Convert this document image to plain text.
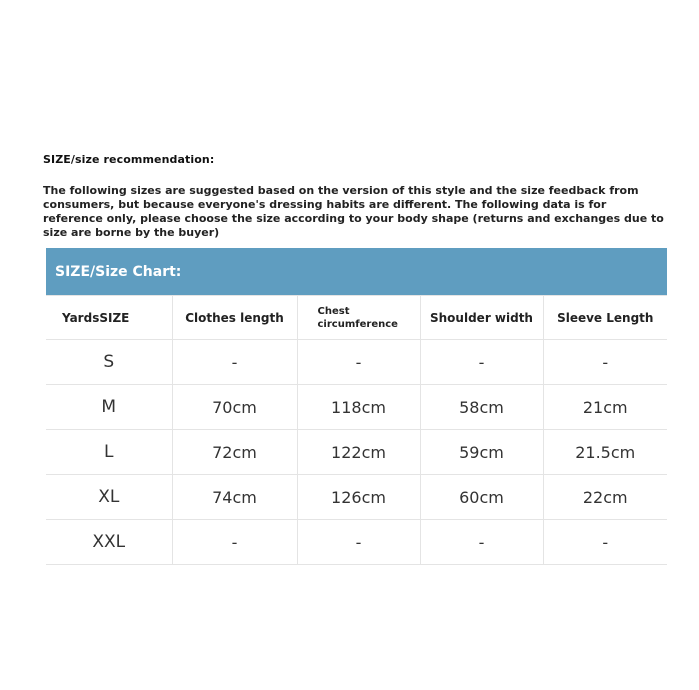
SIZE/size recommendation:
The following sizes are suggested based on the version of this style and the size feedback from consumers, but because everyone's dressing habits are different. The following data is for reference only, please choose the size according to your body shape (returns and exchanges due to size are borne by the buyer)
SIZE/Size Chart:
YardsSIZE	Clothes length	Chest circumference	Shoulder width	Sleeve Length
S	-	-	-	-
M	70cm	118cm	58cm	21cm
L	72cm	122cm	59cm	21.5cm
XL	74cm	126cm	60cm	22cm
XXL	-	-	-	-
